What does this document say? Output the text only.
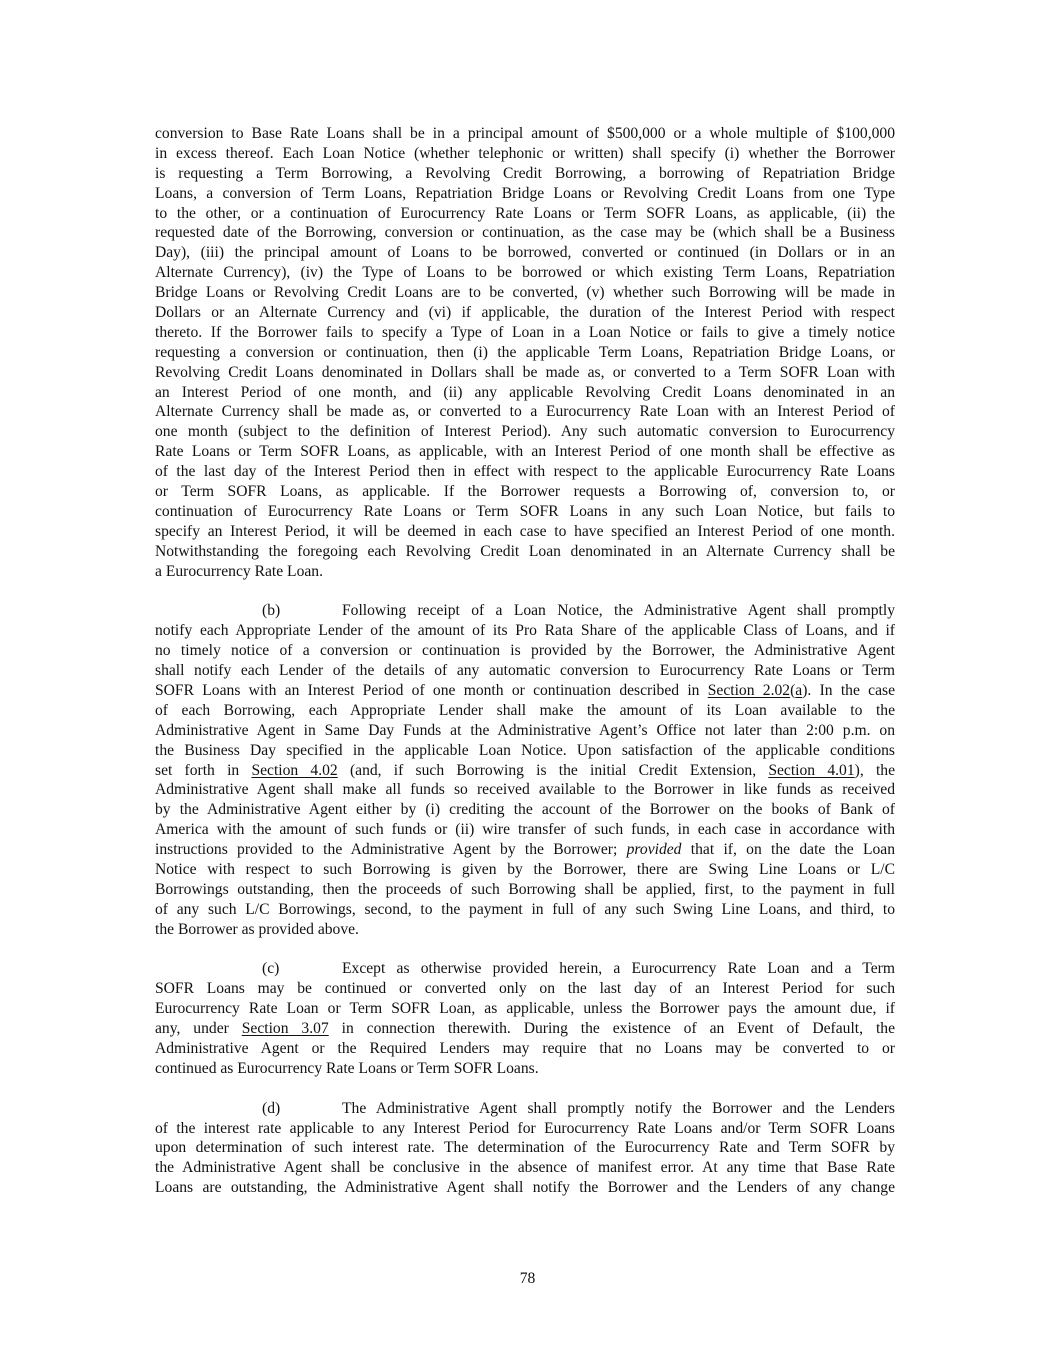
conversion to Base Rate Loans shall be in a principal amount of $500,000 or a whole multiple of $100,000
in excess thereof. Each Loan Notice (whether telephonic or written) shall specify (i) whether the Borrower
is requesting a Term Borrowing, a Revolving Credit Borrowing, a borrowing of Repatriation Bridge
Loans, a conversion of Term Loans, Repatriation Bridge Loans or Revolving Credit Loans from one Type
to the other, or a continuation of Eurocurrency Rate Loans or Term SOFR Loans, as applicable, (ii) the
requested date of the Borrowing, conversion or continuation, as the case may be (which shall be a Business
Day), (iii) the principal amount of Loans to be borrowed, converted or continued (in Dollars or in an
Alternate Currency), (iv) the Type of Loans to be borrowed or which existing Term Loans, Repatriation
Bridge Loans or Revolving Credit Loans are to be converted, (v) whether such Borrowing will be made in
Dollars or an Alternate Currency and (vi) if applicable, the duration of the Interest Period with respect
thereto. If the Borrower fails to specify a Type of Loan in a Loan Notice or fails to give a timely notice
requesting a conversion or continuation, then (i) the applicable Term Loans, Repatriation Bridge Loans, or
Revolving Credit Loans denominated in Dollars shall be made as, or converted to a Term SOFR Loan with
an Interest Period of one month, and (ii) any applicable Revolving Credit Loans denominated in an
Alternate Currency shall be made as, or converted to a Eurocurrency Rate Loan with an Interest Period of
one month (subject to the definition of Interest Period). Any such automatic conversion to Eurocurrency
Rate Loans or Term SOFR Loans, as applicable, with an Interest Period of one month shall be effective as
of the last day of the Interest Period then in effect with respect to the applicable Eurocurrency Rate Loans
or Term SOFR Loans, as applicable. If the Borrower requests a Borrowing of, conversion to, or
continuation of Eurocurrency Rate Loans or Term SOFR Loans in any such Loan Notice, but fails to
specify an Interest Period, it will be deemed in each case to have specified an Interest Period of one month.
Notwithstanding the foregoing each Revolving Credit Loan denominated in an Alternate Currency shall be
a Eurocurrency Rate Loan.
(b)	Following receipt of a Loan Notice, the Administrative Agent shall promptly
notify each Appropriate Lender of the amount of its Pro Rata Share of the applicable Class of Loans, and if
no timely notice of a conversion or continuation is provided by the Borrower, the Administrative Agent
shall notify each Lender of the details of any automatic conversion to Eurocurrency Rate Loans or Term
SOFR Loans with an Interest Period of one month or continuation described in Section 2.02(a). In the case
of each Borrowing, each Appropriate Lender shall make the amount of its Loan available to the
Administrative Agent in Same Day Funds at the Administrative Agent’s Office not later than 2:00 p.m. on
the Business Day specified in the applicable Loan Notice. Upon satisfaction of the applicable conditions
set forth in Section 4.02 (and, if such Borrowing is the initial Credit Extension, Section 4.01), the
Administrative Agent shall make all funds so received available to the Borrower in like funds as received
by the Administrative Agent either by (i) crediting the account of the Borrower on the books of Bank of
America with the amount of such funds or (ii) wire transfer of such funds, in each case in accordance with
instructions provided to the Administrative Agent by the Borrower; provided that if, on the date the Loan
Notice with respect to such Borrowing is given by the Borrower, there are Swing Line Loans or L/C
Borrowings outstanding, then the proceeds of such Borrowing shall be applied, first, to the payment in full
of any such L/C Borrowings, second, to the payment in full of any such Swing Line Loans, and third, to
the Borrower as provided above.
(c)	Except as otherwise provided herein, a Eurocurrency Rate Loan and a Term
SOFR Loans may be continued or converted only on the last day of an Interest Period for such
Eurocurrency Rate Loan or Term SOFR Loan, as applicable, unless the Borrower pays the amount due, if
any, under Section 3.07 in connection therewith. During the existence of an Event of Default, the
Administrative Agent or the Required Lenders may require that no Loans may be converted to or
continued as Eurocurrency Rate Loans or Term SOFR Loans.
(d)	The Administrative Agent shall promptly notify the Borrower and the Lenders
of the interest rate applicable to any Interest Period for Eurocurrency Rate Loans and/or Term SOFR Loans
upon determination of such interest rate. The determination of the Eurocurrency Rate and Term SOFR by
the Administrative Agent shall be conclusive in the absence of manifest error. At any time that Base Rate
Loans are outstanding, the Administrative Agent shall notify the Borrower and the Lenders of any change
78
